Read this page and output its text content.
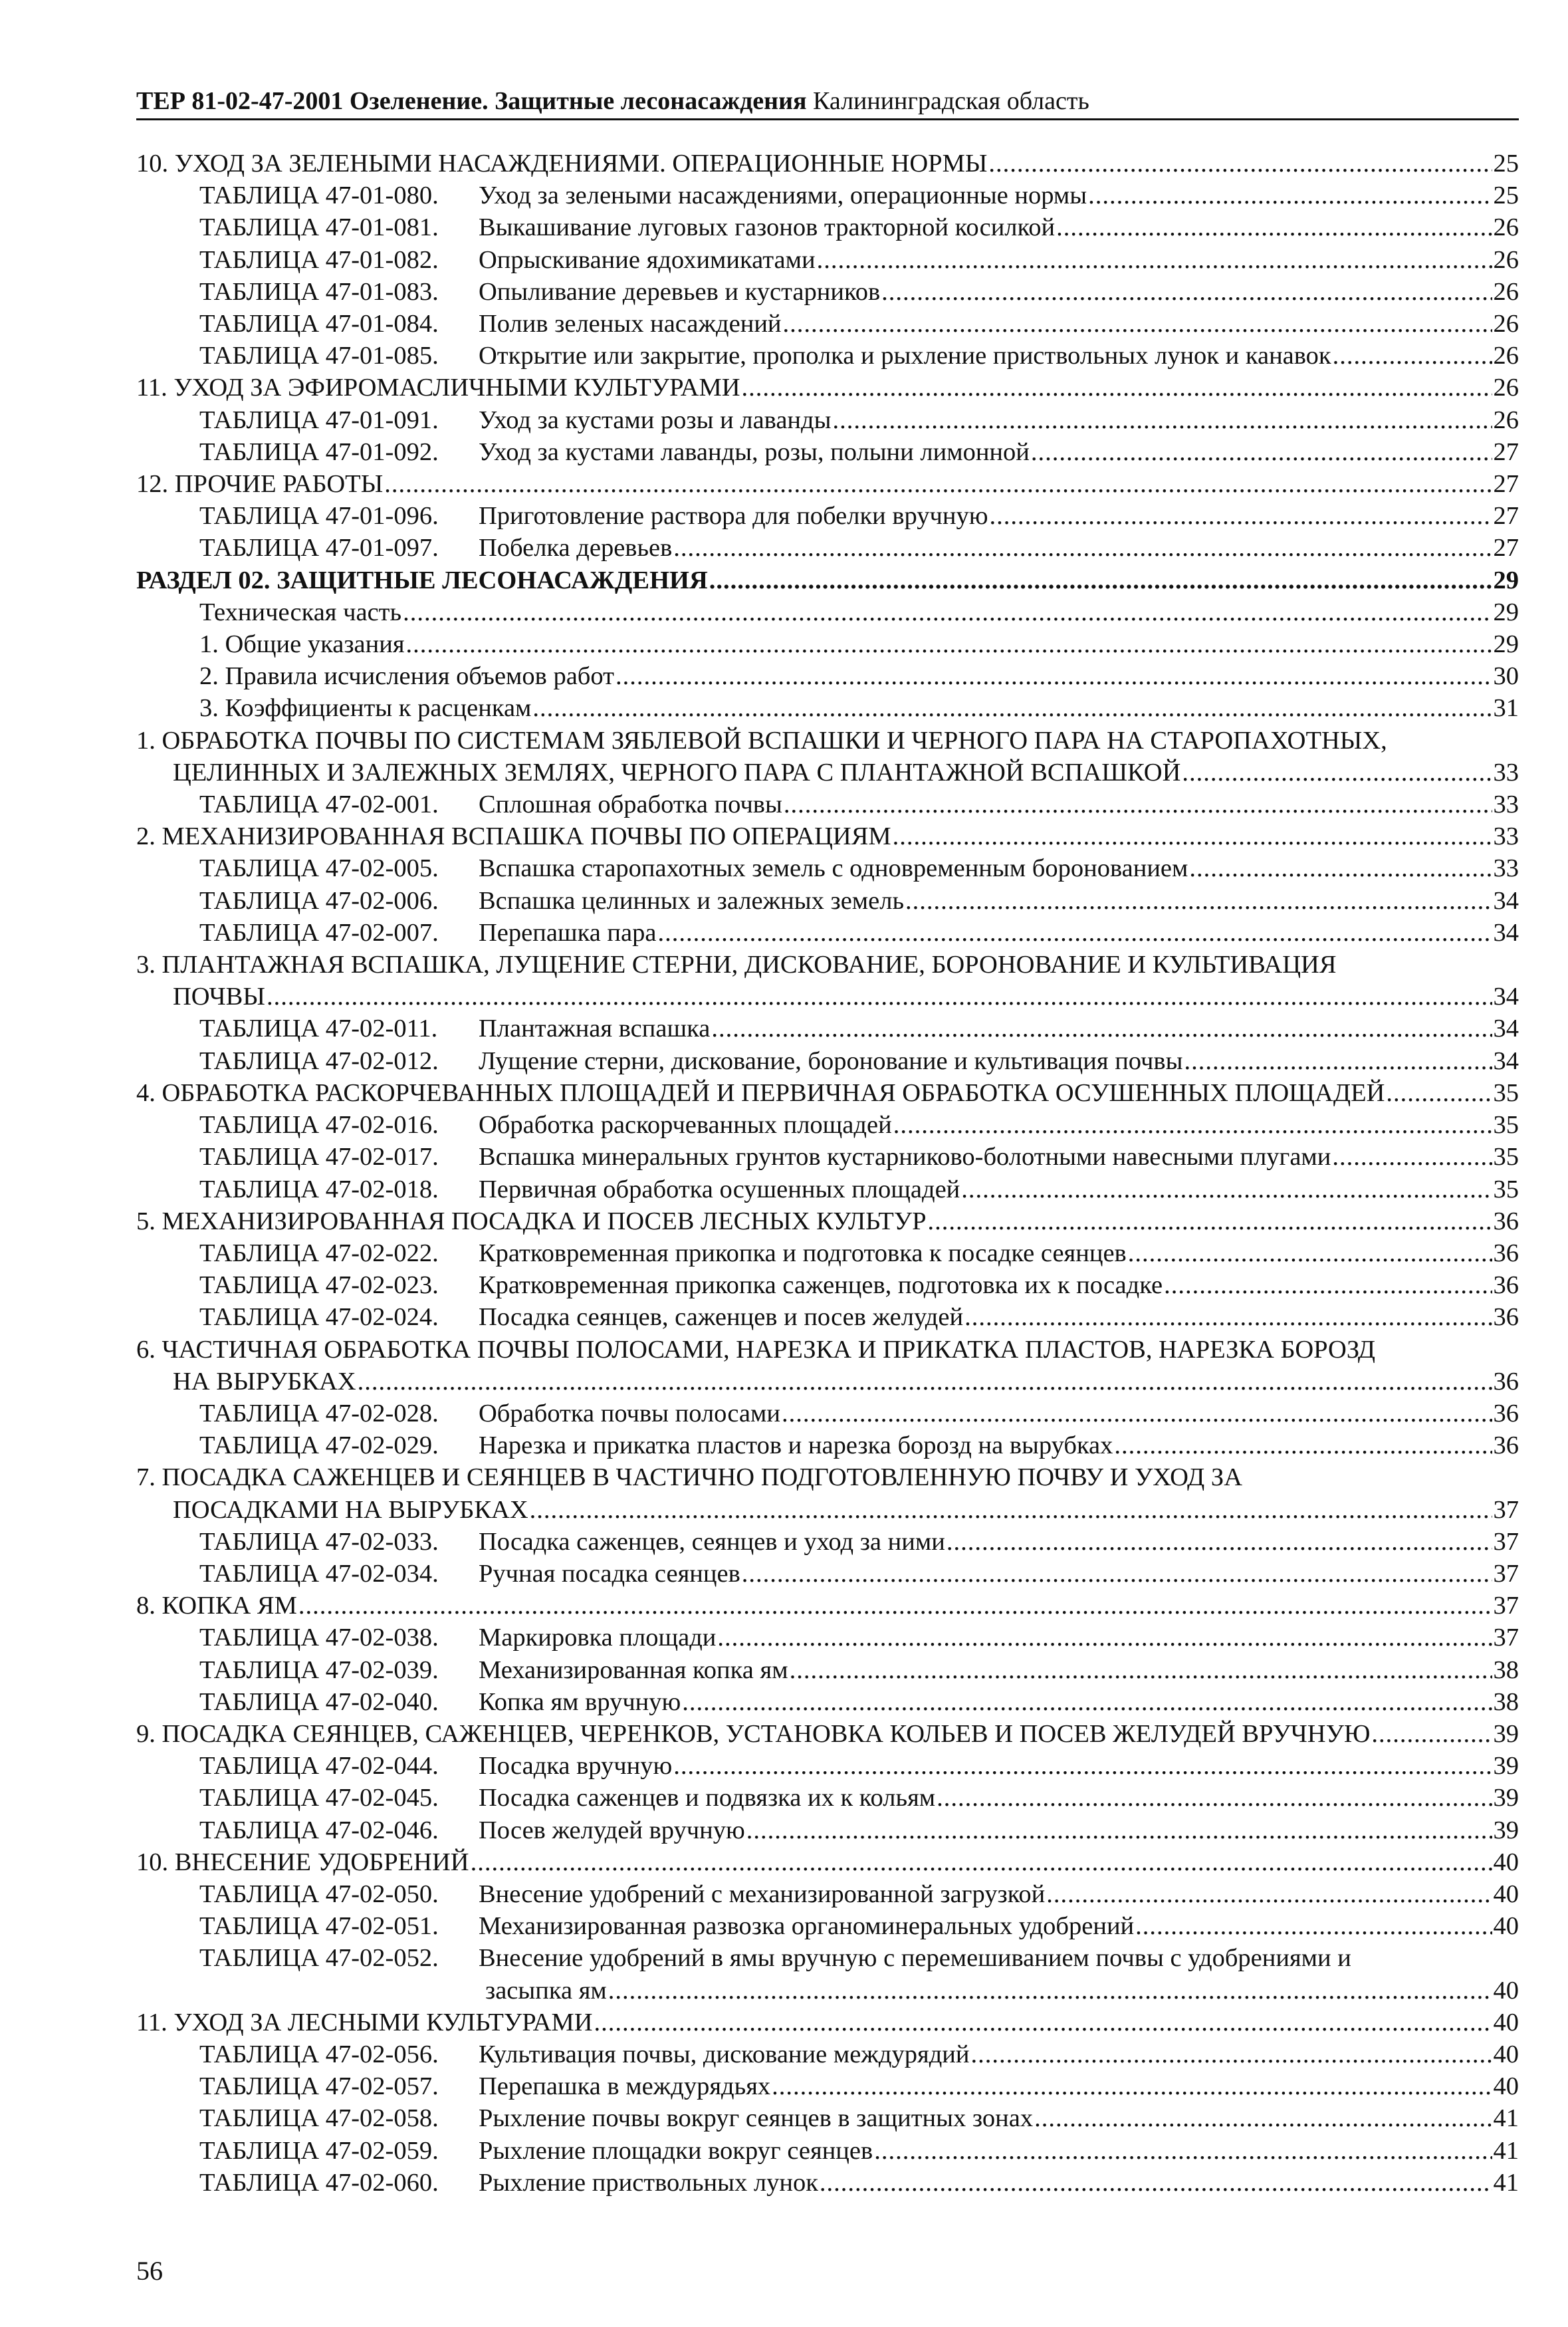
ТЕР 81-02-47-2001 Озеленение. Защитные лесонасаждения Калининградская область
10. УХОД ЗА ЗЕЛЕНЫМИ НАСАЖДЕНИЯМИ. ОПЕРАЦИОННЫЕ НОРМЫ .....	25
ТАБЛИЦА 47-01-080. Уход за зелеными насаждениями, операционные нормы .....	25
ТАБЛИЦА 47-01-081. Выкашивание луговых газонов тракторной косилкой .....	26
ТАБЛИЦА 47-01-082. Опрыскивание ядохимикатами .....	26
ТАБЛИЦА 47-01-083. Опыливание деревьев и кустарников .....	26
ТАБЛИЦА 47-01-084. Полив зеленых насаждений .....	26
ТАБЛИЦА 47-01-085. Открытие или закрытие, прополка и рыхление приствольных лунок и канавок .....	26
11. УХОД ЗА ЭФИРОМАСЛИЧНЫМИ КУЛЬТУРАМИ .....	26
ТАБЛИЦА 47-01-091. Уход за кустами розы и лаванды .....	26
ТАБЛИЦА 47-01-092. Уход за кустами лаванды, розы, полыни лимонной .....	27
12. ПРОЧИЕ РАБОТЫ .....	27
ТАБЛИЦА 47-01-096. Приготовление раствора для побелки вручную .....	27
ТАБЛИЦА 47-01-097. Побелка деревьев .....	27
РАЗДЕЛ 02. ЗАЩИТНЫЕ ЛЕСОНАСАЖДЕНИЯ .....	29
Техническая часть .....	29
1. Общие указания .....	29
2. Правила исчисления объемов работ .....	30
3. Коэффициенты к расценкам .....	31
1. ОБРАБОТКА ПОЧВЫ ПО СИСТЕМАМ ЗЯБЛЕВОЙ ВСПАШКИ И ЧЕРНОГО ПАРА НА СТАРОПАХОТНЫХ,
ЦЕЛИННЫХ И ЗАЛЕЖНЫХ ЗЕМЛЯХ, ЧЕРНОГО ПАРА С ПЛАНТАЖНОЙ ВСПАШКОЙ .....	33
ТАБЛИЦА 47-02-001. Сплошная обработка почвы .....	33
2. МЕХАНИЗИРОВАННАЯ ВСПАШКА ПОЧВЫ ПО ОПЕРАЦИЯМ .....	33
ТАБЛИЦА 47-02-005. Вспашка старопахотных земель с одновременным боронованием .....	33
ТАБЛИЦА 47-02-006. Вспашка целинных и залежных земель .....	34
ТАБЛИЦА 47-02-007. Перепашка пара .....	34
3. ПЛАНТАЖНАЯ ВСПАШКА, ЛУЩЕНИЕ СТЕРНИ, ДИСКОВАНИЕ, БОРОНОВАНИЕ И КУЛЬТИВАЦИЯ
ПОЧВЫ .....	34
ТАБЛИЦА 47-02-011. Плантажная вспашка .....	34
ТАБЛИЦА 47-02-012. Лущение стерни, дискование, боронование и культивация почвы .....	34
4. ОБРАБОТКА РАСКОРЧЕВАННЫХ ПЛОЩАДЕЙ И ПЕРВИЧНАЯ ОБРАБОТКА ОСУШЕННЫХ ПЛОЩАДЕЙ .....	35
ТАБЛИЦА 47-02-016. Обработка раскорчеванных площадей .....	35
ТАБЛИЦА 47-02-017. Вспашка минеральных грунтов кустарниково-болотными навесными плугами .....	35
ТАБЛИЦА 47-02-018. Первичная обработка осушенных площадей .....	35
5. МЕХАНИЗИРОВАННАЯ ПОСАДКА И ПОСЕВ ЛЕСНЫХ КУЛЬТУР .....	36
ТАБЛИЦА 47-02-022. Кратковременная прикопка и подготовка к посадке сеянцев .....	36
ТАБЛИЦА 47-02-023. Кратковременная прикопка саженцев, подготовка их к посадке .....	36
ТАБЛИЦА 47-02-024. Посадка сеянцев, саженцев и посев желудей .....	36
6. ЧАСТИЧНАЯ ОБРАБОТКА ПОЧВЫ ПОЛОСАМИ, НАРЕЗКА И ПРИКАТКА ПЛАСТОВ, НАРЕЗКА БОРОЗД
НА ВЫРУБКАХ .....	36
ТАБЛИЦА 47-02-028. Обработка почвы полосами .....	36
ТАБЛИЦА 47-02-029. Нарезка и прикатка пластов и нарезка борозд на вырубках .....	36
7. ПОСАДКА САЖЕНЦЕВ И СЕЯНЦЕВ В ЧАСТИЧНО ПОДГОТОВЛЕННУЮ ПОЧВУ И УХОД ЗА
ПОСАДКАМИ НА ВЫРУБКАХ .....	37
ТАБЛИЦА 47-02-033. Посадка саженцев, сеянцев и уход за ними .....	37
ТАБЛИЦА 47-02-034. Ручная посадка сеянцев .....	37
8. КОПКА ЯМ .....	37
ТАБЛИЦА 47-02-038. Маркировка площади .....	37
ТАБЛИЦА 47-02-039. Механизированная копка ям .....	38
ТАБЛИЦА 47-02-040. Копка ям вручную .....	38
9. ПОСАДКА СЕЯНЦЕВ, САЖЕНЦЕВ, ЧЕРЕНКОВ, УСТАНОВКА КОЛЬЕВ И ПОСЕВ ЖЕЛУДЕЙ ВРУЧНУЮ .....	39
ТАБЛИЦА 47-02-044. Посадка вручную .....	39
ТАБЛИЦА 47-02-045. Посадка саженцев и подвязка их к кольям .....	39
ТАБЛИЦА 47-02-046. Посев желудей вручную .....	39
10. ВНЕСЕНИЕ УДОБРЕНИЙ .....	40
ТАБЛИЦА 47-02-050. Внесение удобрений с механизированной загрузкой .....	40
ТАБЛИЦА 47-02-051. Механизированная развозка органоминеральных удобрений .....	40
ТАБЛИЦА 47-02-052. Внесение удобрений в ямы вручную с перемешиванием почвы с удобрениями и
засыпка ям .....	40
11. УХОД ЗА ЛЕСНЫМИ КУЛЬТУРАМИ .....	40
ТАБЛИЦА 47-02-056. Культивация почвы, дискование междурядий .....	40
ТАБЛИЦА 47-02-057. Перепашка в междурядьях .....	40
ТАБЛИЦА 47-02-058. Рыхление почвы вокруг сеянцев в защитных зонах .....	41
ТАБЛИЦА 47-02-059. Рыхление площадки вокруг сеянцев .....	41
ТАБЛИЦА 47-02-060. Рыхление приствольных лунок .....	41
56
